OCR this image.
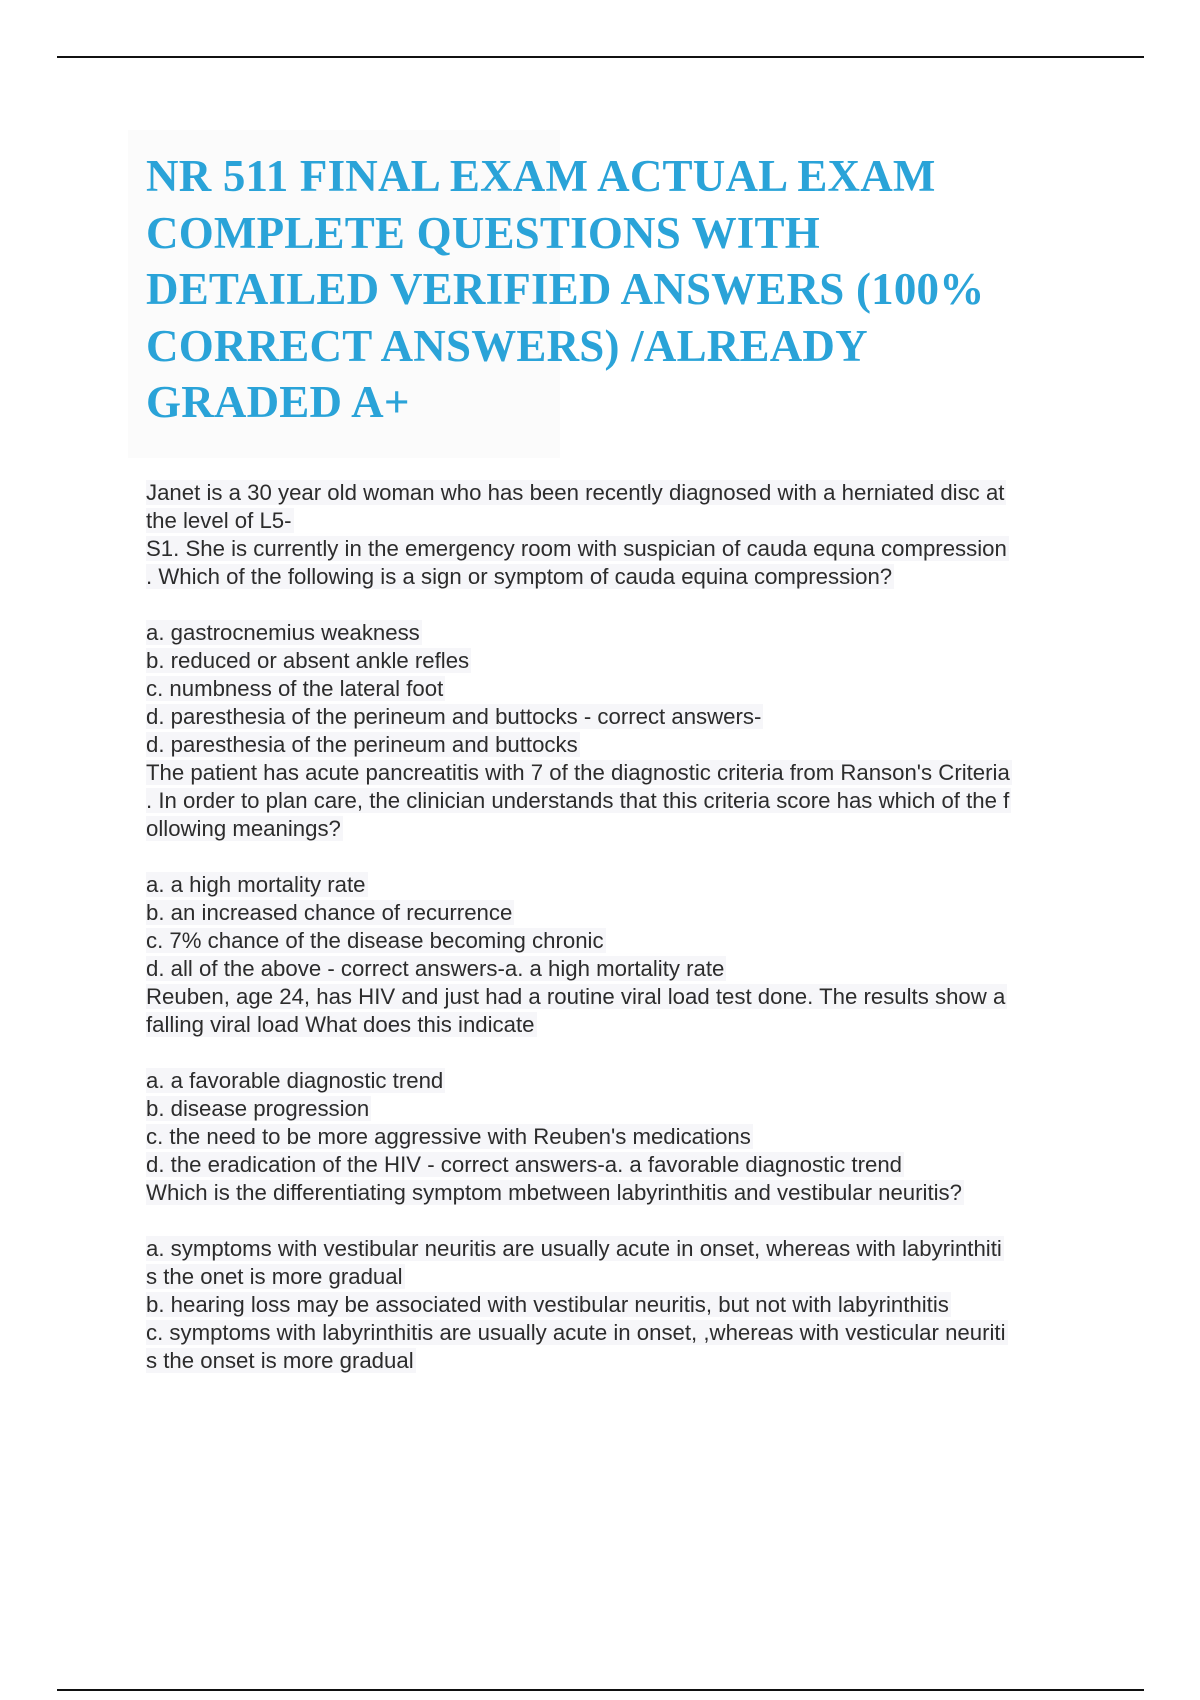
NR 511 FINAL EXAM ACTUAL EXAM
COMPLETE QUESTIONS WITH
DETAILED VERIFIED ANSWERS (100%
CORRECT ANSWERS) /ALREADY
GRADED A+
Janet is a 30 year old woman who has been recently diagnosed with a herniated disc at
the level of L5-
S1. She is currently in the emergency room with suspician of cauda equna compression
. Which of the following is a sign or symptom of cauda equina compression?
a. gastrocnemius weakness
b. reduced or absent ankle refles
c. numbness of the lateral foot
d. paresthesia of the perineum and buttocks - correct answers-
d. paresthesia of the perineum and buttocks
The patient has acute pancreatitis with 7 of the diagnostic criteria from Ranson's Criteria
. In order to plan care, the clinician understands that this criteria score has which of the f
ollowing meanings?
a. a high mortality rate
b. an increased chance of recurrence
c. 7% chance of the disease becoming chronic
d. all of the above - correct answers-a. a high mortality rate
Reuben, age 24, has HIV and just had a routine viral load test done. The results show a
falling viral load What does this indicate
a. a favorable diagnostic trend
b. disease progression
c. the need to be more aggressive with Reuben's medications
d. the eradication of the HIV - correct answers-a. a favorable diagnostic trend
Which is the differentiating symptom mbetween labyrinthitis and vestibular neuritis?
a. symptoms with vestibular neuritis are usually acute in onset, whereas with labyrinthiti
s the onet is more gradual
b. hearing loss may be associated with vestibular neuritis, but not with labyrinthitis
c. symptoms with labyrinthitis are usually acute in onset, ,whereas with vesticular neuriti
s the onset is more gradual
